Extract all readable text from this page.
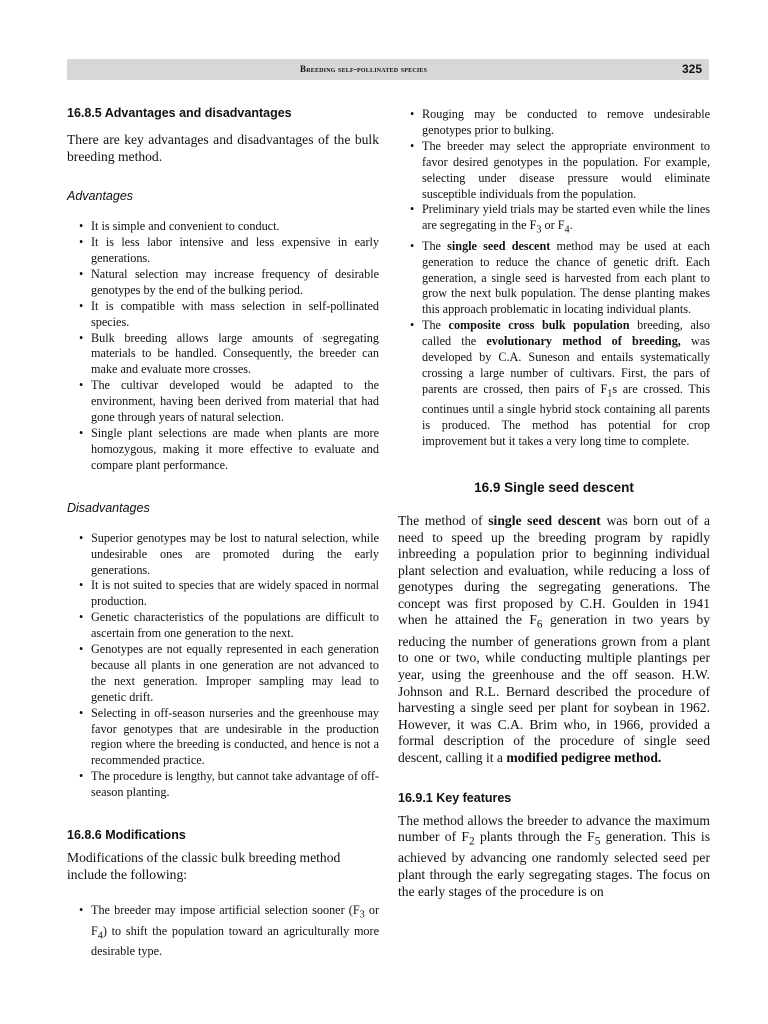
Breeding self-pollinated species	325
16.8.5 Advantages and disadvantages

There are key advantages and disadvantages of the bulk breeding method.

Advantages
• It is simple and convenient to conduct.
• It is less labor intensive and less expensive in early generations.
• Natural selection may increase frequency of desirable genotypes by the end of the bulking period.
• It is compatible with mass selection in self-pollinated species.
• Bulk breeding allows large amounts of segregating materials to be handled. Consequently, the breeder can make and evaluate more crosses.
• The cultivar developed would be adapted to the environment, having been derived from material that had gone through years of natural selection.
• Single plant selections are made when plants are more homozygous, making it more effective to evaluate and compare plant performance.
Disadvantages
• Superior genotypes may be lost to natural selection, while undesirable ones are promoted during the early generations.
• It is not suited to species that are widely spaced in normal production.
• Genetic characteristics of the populations are difficult to ascertain from one generation to the next.
• Genotypes are not equally represented in each generation because all plants in one generation are not advanced to the next generation. Improper sampling may lead to genetic drift.
• Selecting in off-season nurseries and the greenhouse may favor genotypes that are undesirable in the production region where the breeding is conducted, and hence is not a recommended practice.
• The procedure is lengthy, but cannot take advantage of off-season planting.
16.8.6 Modifications

Modifications of the classic bulk breeding method include the following:

• The breeder may impose artificial selection sooner ($F_3$ or $F_4$) to shift the population toward an agriculturally more desirable type.
• Rouging may be conducted to remove undesirable genotypes prior to bulking.
• The breeder may select the appropriate environment to favor desired genotypes in the population. For example, selecting under disease pressure would eliminate susceptible individuals from the population.
• Preliminary yield trials may be started even while the lines are segregating in the $F_3$ or $F_4$.
• The single seed descent method may be used at each generation to reduce the chance of genetic drift. Each generation, a single seed is harvested from each plant to grow the next bulk population. The dense planting makes this approach problematic in locating individual plants.
• The composite cross bulk population breeding, also called the evolutionary method of breeding, was developed by C.A. Suneson and entails systematically crossing a large number of cultivars. First, the pars of parents are crossed, then pairs of $F_1s$ are crossed. This continues until a single hybrid stock containing all parents is produced. The method has potential for crop improvement but it takes a very long time to complete.
16.9 Single seed descent

The method of single seed descent was born out of a need to speed up the breeding program by rapidly inbreeding a population prior to beginning individual plant selection and evaluation, while reducing a loss of genotypes during the segregating generations. The concept was first proposed by C.H. Goulden in 1941 when he attained the $F_6$ generation in two years by reducing the number of generations grown from a plant to one or two, while conducting multiple plantings per year, using the greenhouse and the off season. H.W. Johnson and R.L. Bernard described the procedure of harvesting a single seed per plant for soybean in 1962. However, it was C.A. Brim who, in 1966, provided a formal description of the procedure of single seed descent, calling it a modified pedigree method.

16.9.1 Key features

The method allows the breeder to advance the maximum number of $F_2$ plants through the $F_5$ generation. This is achieved by advancing one randomly selected seed per plant through the early segregating stages. The focus on the early stages of the procedure is on
